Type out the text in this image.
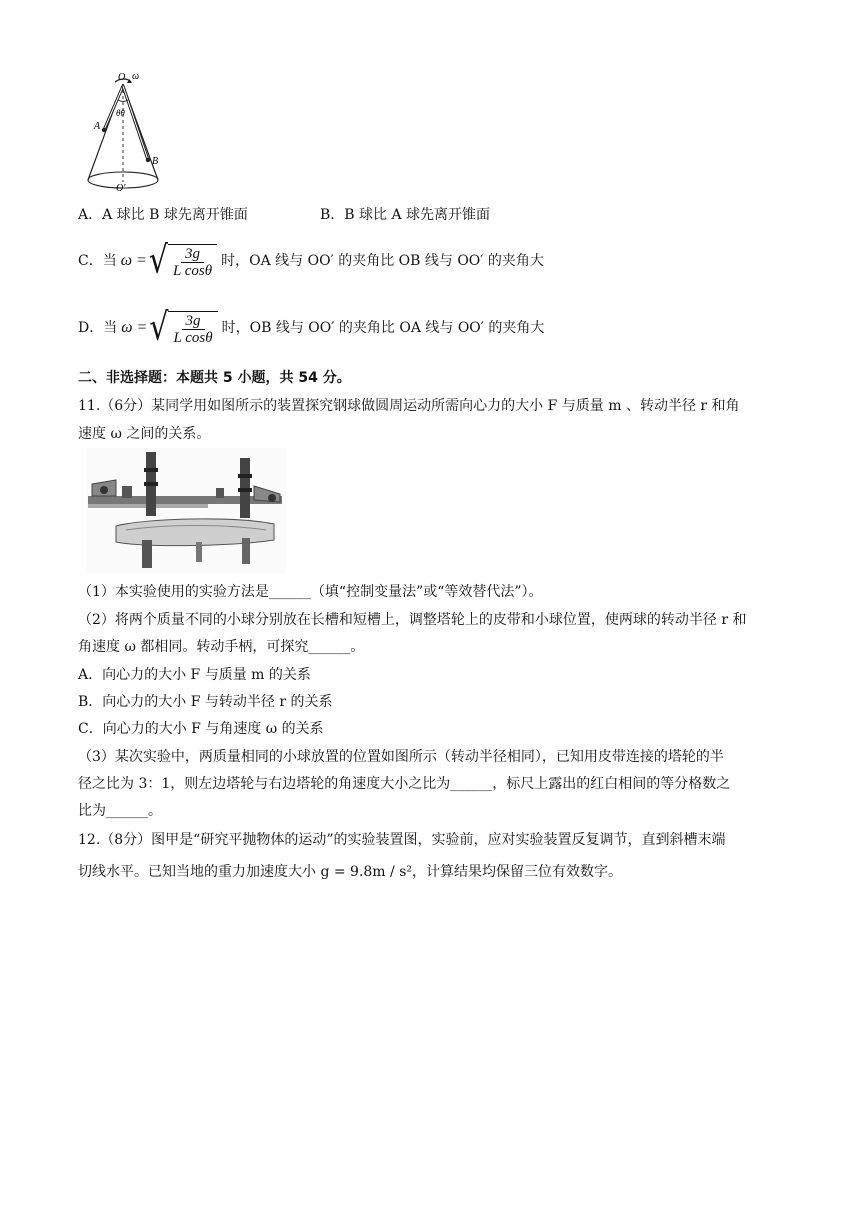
O ω
θθ
A
B
O′
A．A 球比 B 球先离开锥面	B．B 球比 A 球先离开锥面
C．当 ω = √ $\frac{3g}{\text{L cosθ}}$ 时，OA 线与 OO′ 的夹角比 OB 线与 OO′ 的夹角大
D．当 ω = √ $\frac{3g}{\text{L cosθ}}$ 时，OB 线与 OO′ 的夹角比 OA 线与 OO′ 的夹角大
二、非选择题：本题共 5 小题，共 54 分。
11.（6分）某同学用如图所示的装置探究钢球做圆周运动所需向心力的大小 F 与质量 m 、转动半径 r 和角
速度 ω 之间的关系。
（1）本实验使用的实验方法是______（填“控制变量法”或“等效替代法”）。
（2）将两个质量不同的小球分别放在长槽和短槽上，调整塔轮上的皮带和小球位置，使两球的转动半径 r 和
角速度 ω 都相同。转动手柄，可探究______。
A．向心力的大小 F 与质量 m 的关系
B．向心力的大小 F 与转动半径 r 的关系
C．向心力的大小 F 与角速度 ω 的关系
（3）某次实验中，两质量相同的小球放置的位置如图所示（转动半径相同），已知用皮带连接的塔轮的半
径之比为 3：1，则左边塔轮与右边塔轮的角速度大小之比为______，标尺上露出的红白相间的等分格数之
比为______。
12.（8分）图甲是“研究平抛物体的运动”的实验装置图，实验前，应对实验装置反复调节，直到斜槽末端
切线水平。已知当地的重力加速度大小 g = 9.8m / s²，计算结果均保留三位有效数字。
